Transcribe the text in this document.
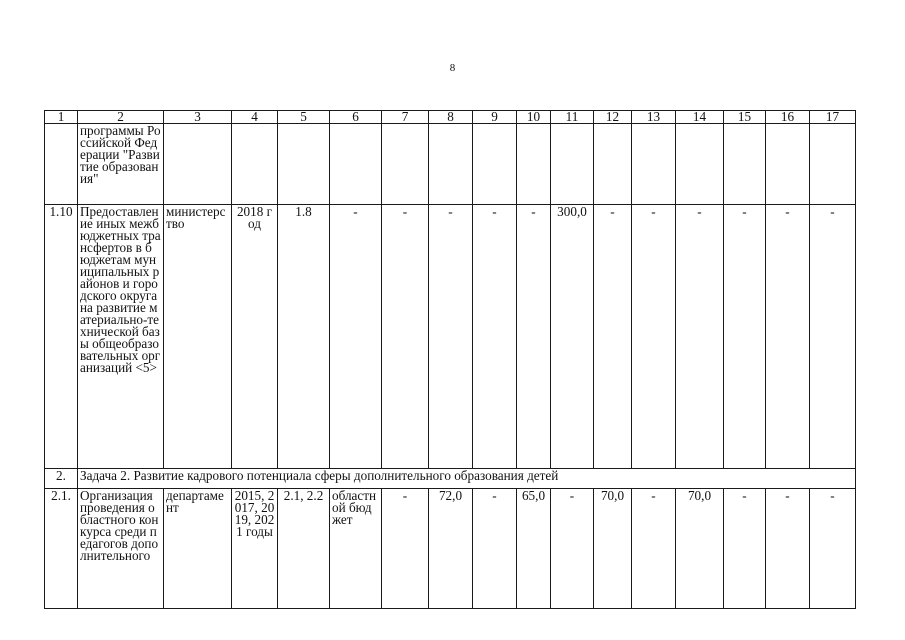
8
1	2	3	4	5	6	7	8	9	10	11	12	13	14	15	16	17
	программы Российской Федерации "Развитие образования"															
1.10	Предоставление иных межбюджетных трансфертов в бюджетам муниципальных районов и городского округа на развитие материально-технической базы общеобразовательных организаций <5>	министерство	2018 год	1.8	-	-	-	-	-	300,0	-	-	-	-	-	-
2.	Задача 2. Развитие кадрового потенциала сферы дополнительного образования детей															
2.1.	Организация проведения областного конкурса среди педагогов дополнительного	департамент	2015, 2017, 2019, 2021 годы	2.1, 2.2	областной бюджет	-	72,0	-	65,0	-	70,0	-	70,0	-	-	-
